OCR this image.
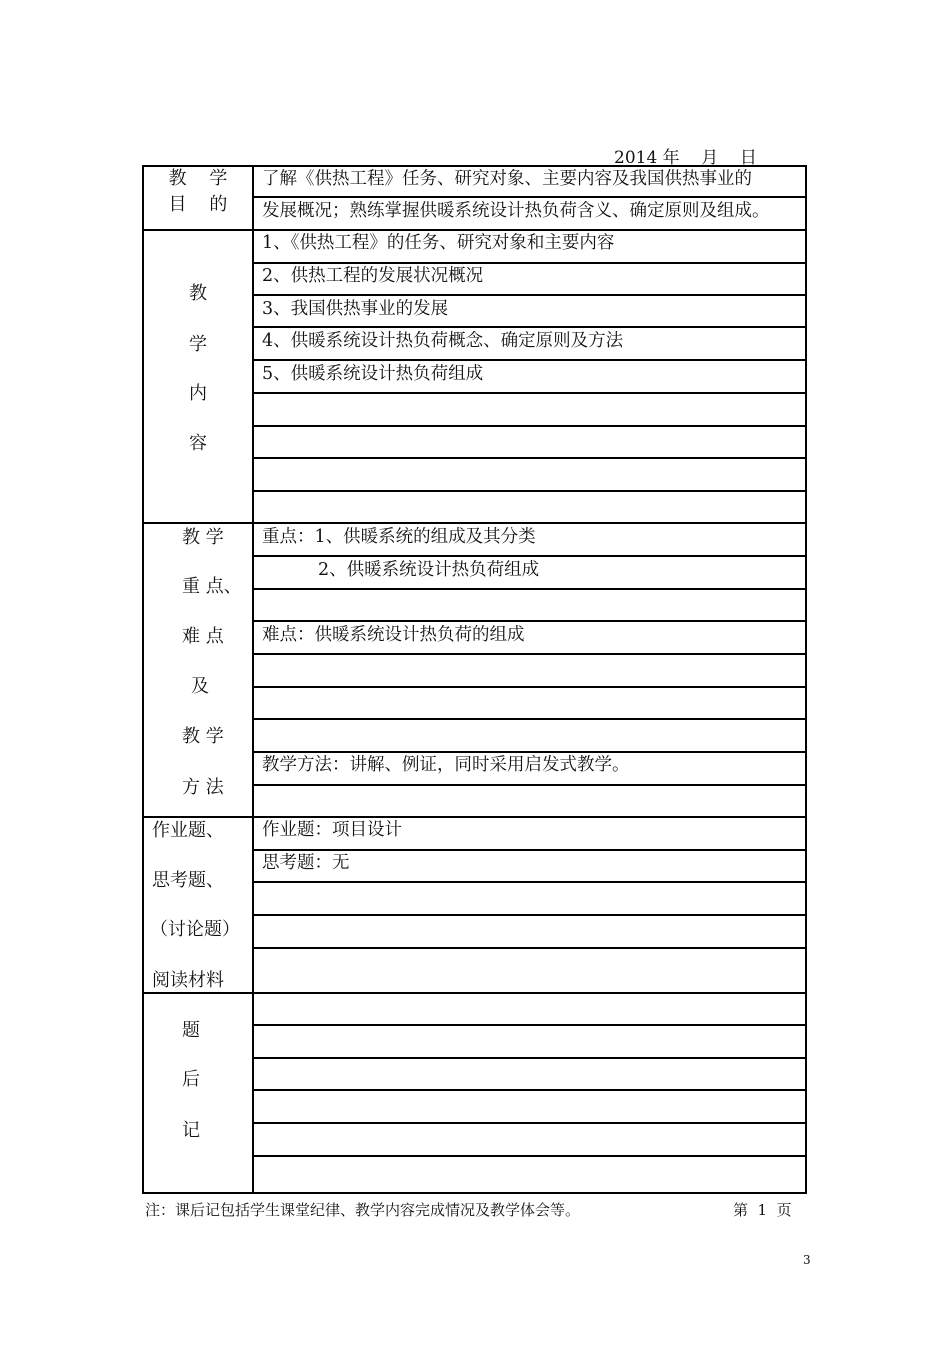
2014 年    月    日
教    学
目    的
了解《供热工程》任务、研究对象、主要内容及我国供热事业的
发展概况；熟练掌握供暖系统设计热负荷含义、确定原则及组成。
教
学
内
容
1、《供热工程》的任务、研究对象和主要内容
2、供热工程的发展状况概况
3、我国供热事业的发展
4、供暖系统设计热负荷概念、确定原则及方法
5、供暖系统设计热负荷组成
教 学
重 点、
难 点
及
教 学
方 法
重点：1、供暖系统的组成及其分类
2、供暖系统设计热负荷组成
难点：供暖系统设计热负荷的组成
教学方法：讲解、例证，同时采用启发式教学。
作业题、
思考题、
（讨论题）
阅读材料
作业题：项目设计
思考题：无
题
后
记
注：课后记包括学生课堂纪律、教学内容完成情况及教学体会等。	第  1  页
3
